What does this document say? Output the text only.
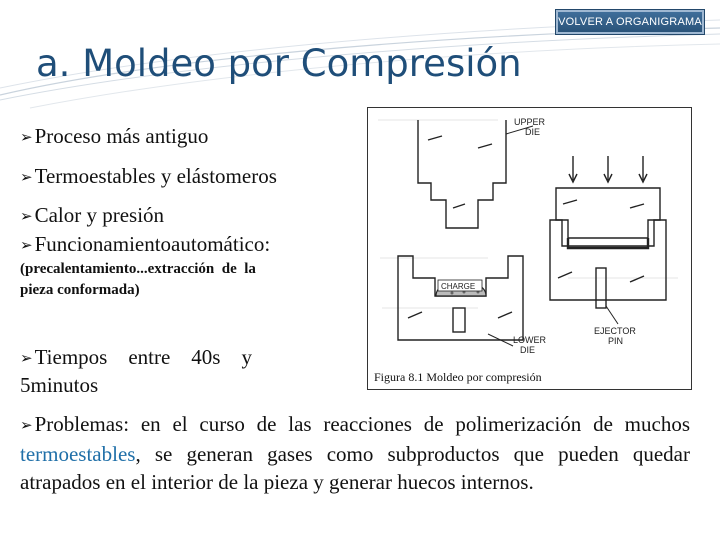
VOLVER A ORGANIGRAMA
a. Moldeo por Compresión
➢Proceso más antiguo
➢Termoestables y elástomeros
➢Calor y presión
➢Funcionamientoautomático:
(precalentamiento...extracción  de  la
pieza conformada)
➢Tiempos    entre    40s    y
5minutos
UPPER
DIE
CHARGE
LOWER
DIE
EJECTOR
PIN
Figura 8.1 Moldeo por compresión
➢Problemas: en el curso de las reacciones de polimerización de muchos termoestables, se generan gases como subproductos que pueden quedar atrapados en el interior de la pieza y generar huecos internos.
